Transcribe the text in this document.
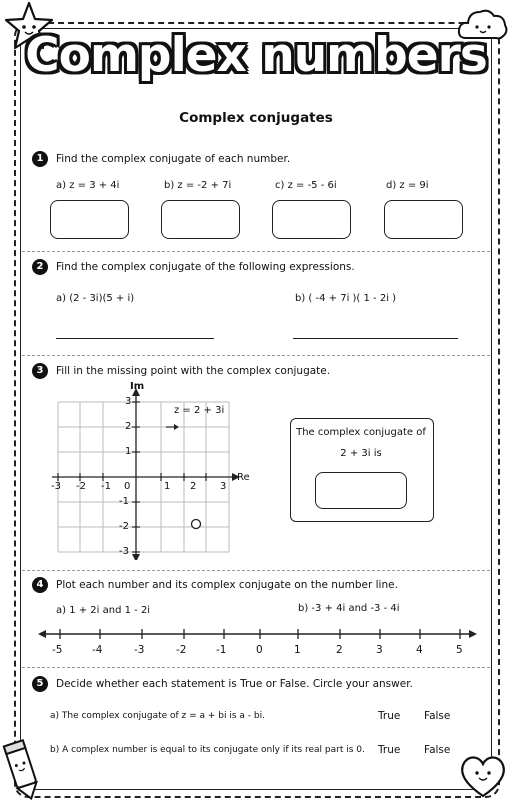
Complex numbers
Complex conjugates
1	Find the complex conjugate of each number.
a) z = 3 + 4i	b) z = -2 + 7i	c) z = -5 - 6i	d) z = 9i
2	Find the complex conjugate of the following expressions.
a) (2 - 3i)(5 + i)	b) ( -4 + 7i )( 1 - 2i )
3	Fill in the missing point with the complex conjugate.
Im
Re
-3 -2 -1 0	1 2 3
3
2
1
-1
-2
-3
z = 2 + 3i
The complex conjugate of
2 + 3i is
4	Plot each number and its complex conjugate on the number line.
a) 1 + 2i and 1 - 2i	b) -3 + 4i and -3 - 4i
-5	-4	-3	-2	-1	0	1	2	3	4	5
5	Decide whether each statement is True or False. Circle your answer.
a) The complex conjugate of z = a + bi is a - bi.	True False
b) A complex number is equal to its conjugate only if its real part is 0. True False
